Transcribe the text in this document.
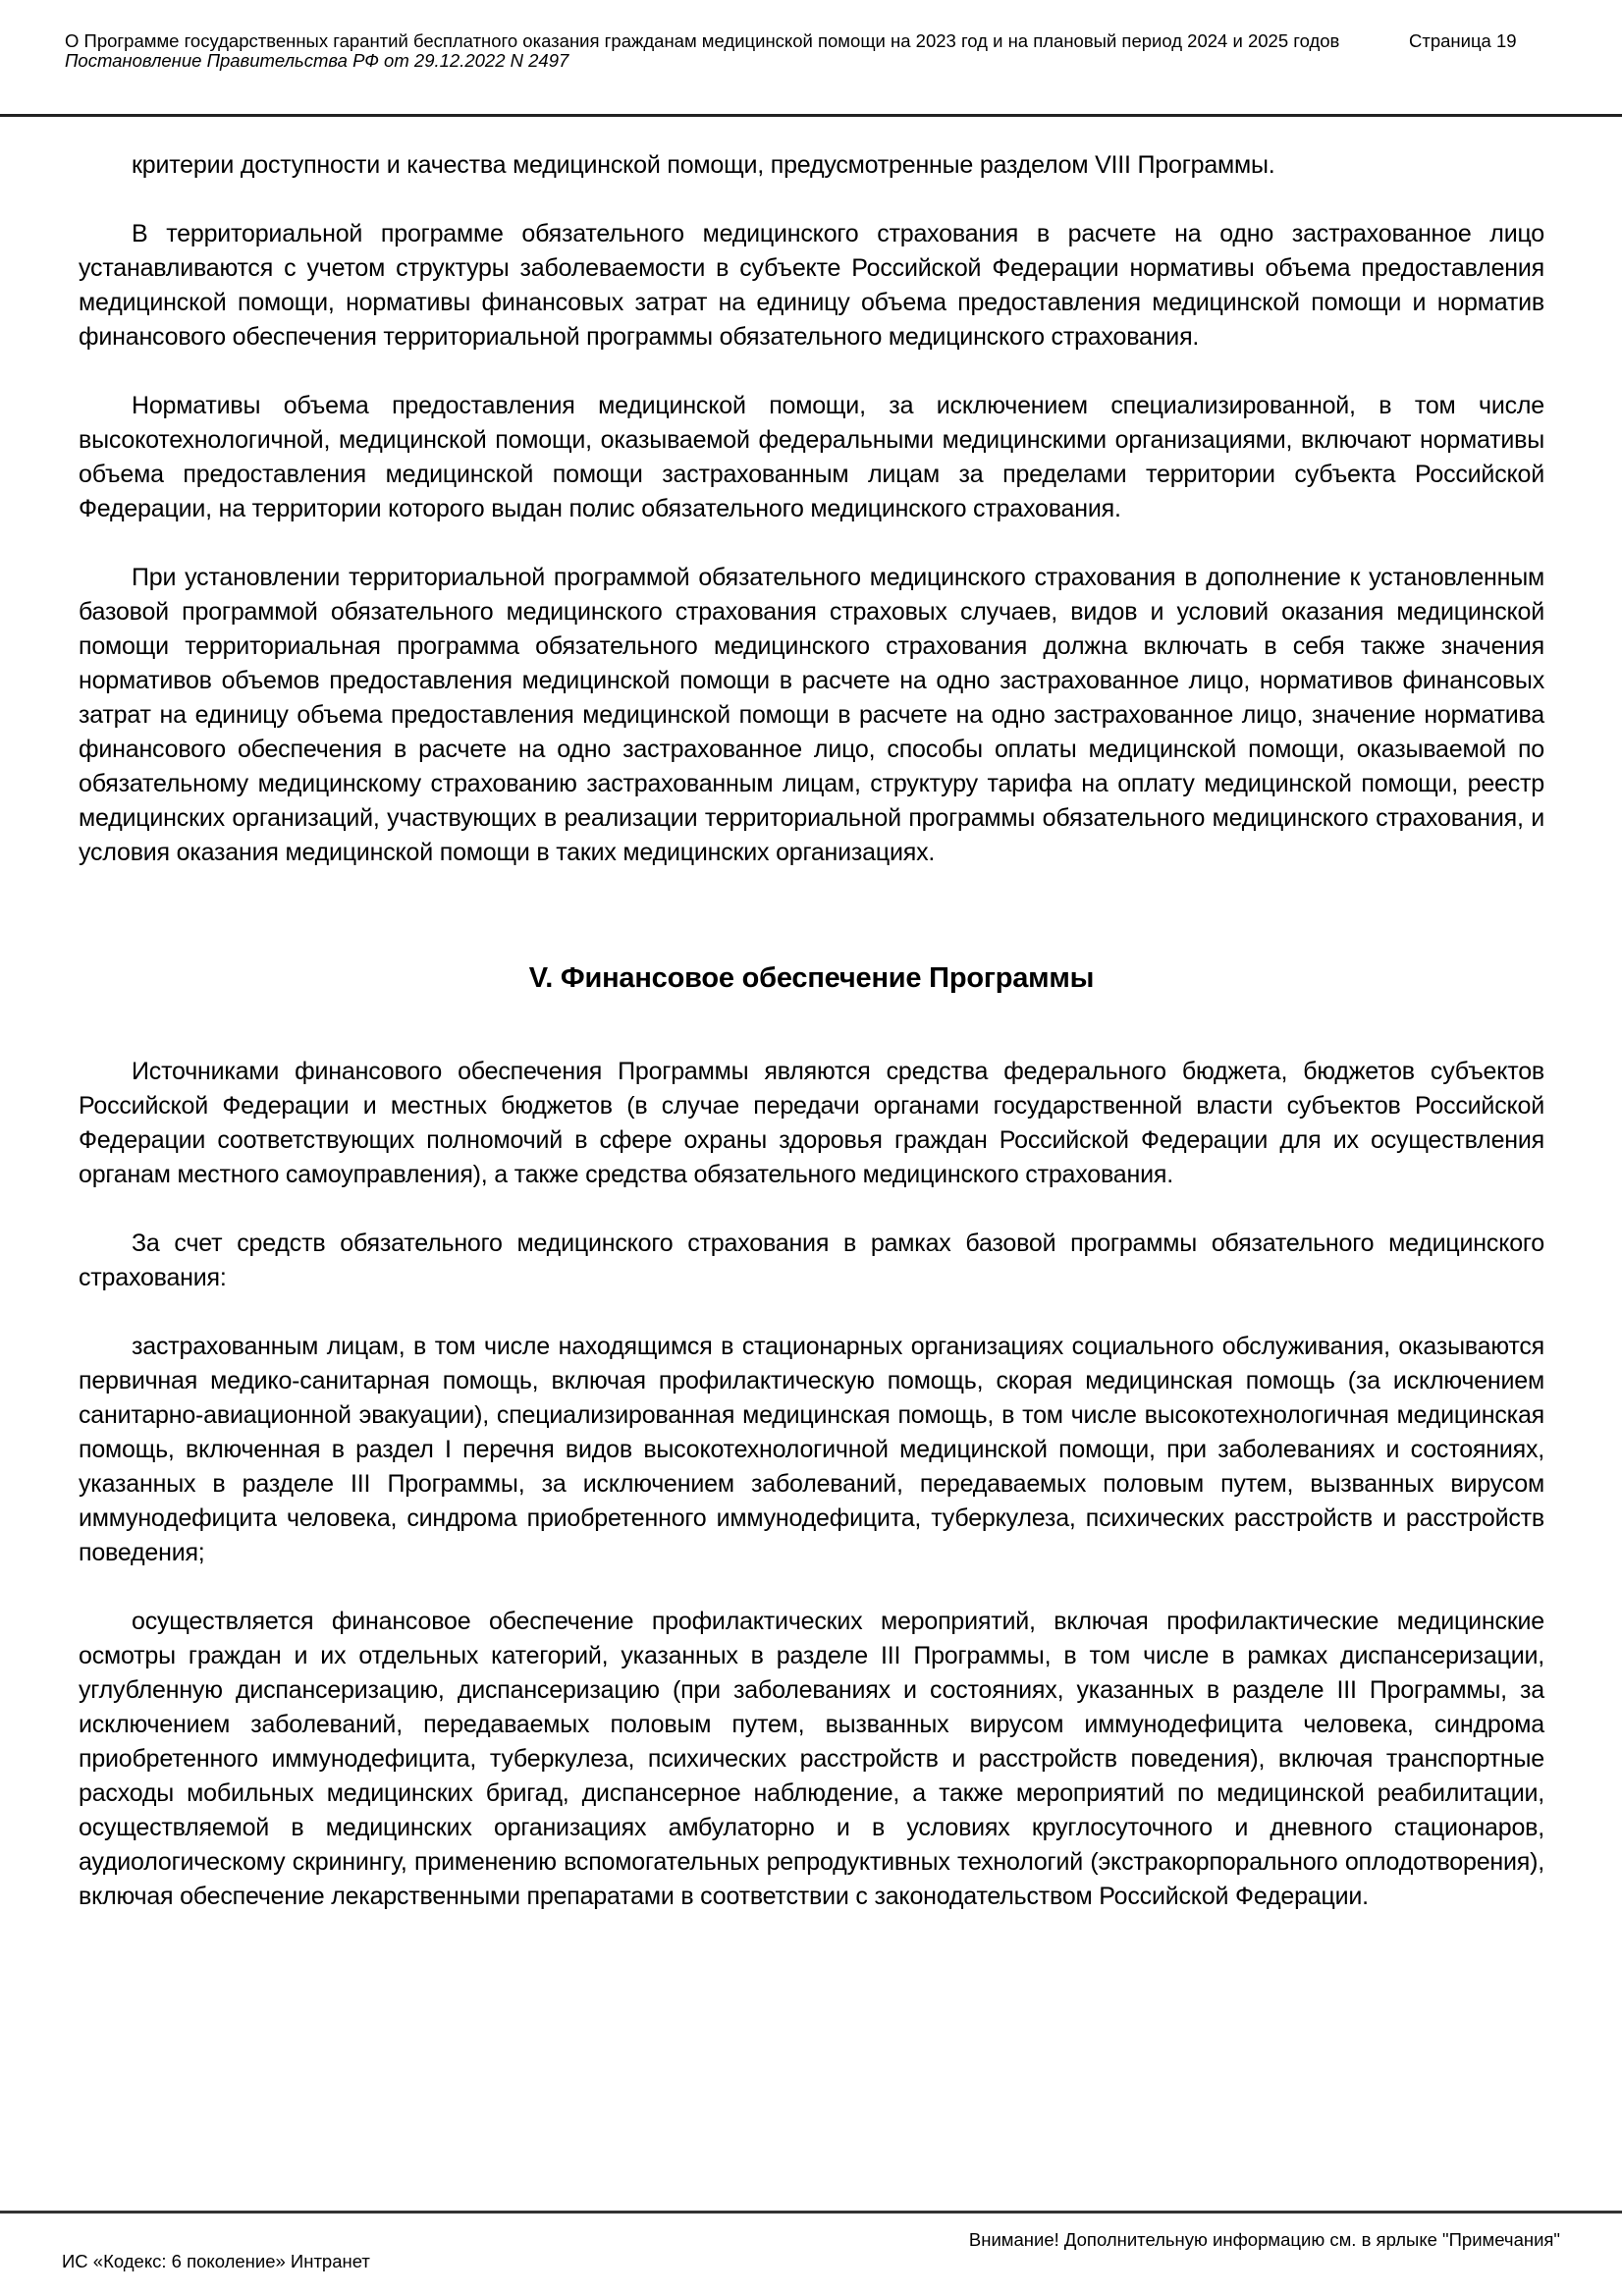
О Программе государственных гарантий бесплатного оказания гражданам медицинской помощи на 2023 год и на плановый период 2024 и 2025 годов
Постановление Правительства РФ от 29.12.2022 N 2497
Страница 19

критерии доступности и качества медицинской помощи, предусмотренные разделом VIII Программы.

В территориальной программе обязательного медицинского страхования в расчете на одно застрахованное лицо устанавливаются с учетом структуры заболеваемости в субъекте Российской Федерации нормативы объема предоставления медицинской помощи, нормативы финансовых затрат на единицу объема предоставления медицинской помощи и норматив финансового обеспечения территориальной программы обязательного медицинского страхования.

Нормативы объема предоставления медицинской помощи, за исключением специализированной, в том числе высокотехнологичной, медицинской помощи, оказываемой федеральными медицинскими организациями, включают нормативы объема предоставления медицинской помощи застрахованным лицам за пределами территории субъекта Российской Федерации, на территории которого выдан полис обязательного медицинского страхования.

При установлении территориальной программой обязательного медицинского страхования в дополнение к установленным базовой программой обязательного медицинского страхования страховых случаев, видов и условий оказания медицинской помощи территориальная программа обязательного медицинского страхования должна включать в себя также значения нормативов объемов предоставления медицинской помощи в расчете на одно застрахованное лицо, нормативов финансовых затрат на единицу объема предоставления медицинской помощи в расчете на одно застрахованное лицо, значение норматива финансового обеспечения в расчете на одно застрахованное лицо, способы оплаты медицинской помощи, оказываемой по обязательному медицинскому страхованию застрахованным лицам, структуру тарифа на оплату медицинской помощи, реестр медицинских организаций, участвующих в реализации территориальной программы обязательного медицинского страхования, и условия оказания медицинской помощи в таких медицинских организациях.

V. Финансовое обеспечение Программы

Источниками финансового обеспечения Программы являются средства федерального бюджета, бюджетов субъектов Российской Федерации и местных бюджетов (в случае передачи органами государственной власти субъектов Российской Федерации соответствующих полномочий в сфере охраны здоровья граждан Российской Федерации для их осуществления органам местного самоуправления), а также средства обязательного медицинского страхования.

За счет средств обязательного медицинского страхования в рамках базовой программы обязательного медицинского страхования:

застрахованным лицам, в том числе находящимся в стационарных организациях социального обслуживания, оказываются первичная медико-санитарная помощь, включая профилактическую помощь, скорая медицинская помощь (за исключением санитарно-авиационной эвакуации), специализированная медицинская помощь, в том числе высокотехнологичная медицинская помощь, включенная в раздел I перечня видов высокотехнологичной медицинской помощи, при заболеваниях и состояниях, указанных в разделе III Программы, за исключением заболеваний, передаваемых половым путем, вызванных вирусом иммунодефицита человека, синдрома приобретенного иммунодефицита, туберкулеза, психических расстройств и расстройств поведения;

осуществляется финансовое обеспечение профилактических мероприятий, включая профилактические медицинские осмотры граждан и их отдельных категорий, указанных в разделе III Программы, в том числе в рамках диспансеризации, углубленную диспансеризацию, диспансеризацию (при заболеваниях и состояниях, указанных в разделе III Программы, за исключением заболеваний, передаваемых половым путем, вызванных вирусом иммунодефицита человека, синдрома приобретенного иммунодефицита, туберкулеза, психических расстройств и расстройств поведения), включая транспортные расходы мобильных медицинских бригад, диспансерное наблюдение, а также мероприятий по медицинской реабилитации, осуществляемой в медицинских организациях амбулаторно и в условиях круглосуточного и дневного стационаров, аудиологическому скринингу, применению вспомогательных репродуктивных технологий (экстракорпорального оплодотворения), включая обеспечение лекарственными препаратами в соответствии с законодательством Российской Федерации.

Внимание! Дополнительную информацию см. в ярлыке "Примечания"
ИС «Кодекс: 6 поколение» Интранет
